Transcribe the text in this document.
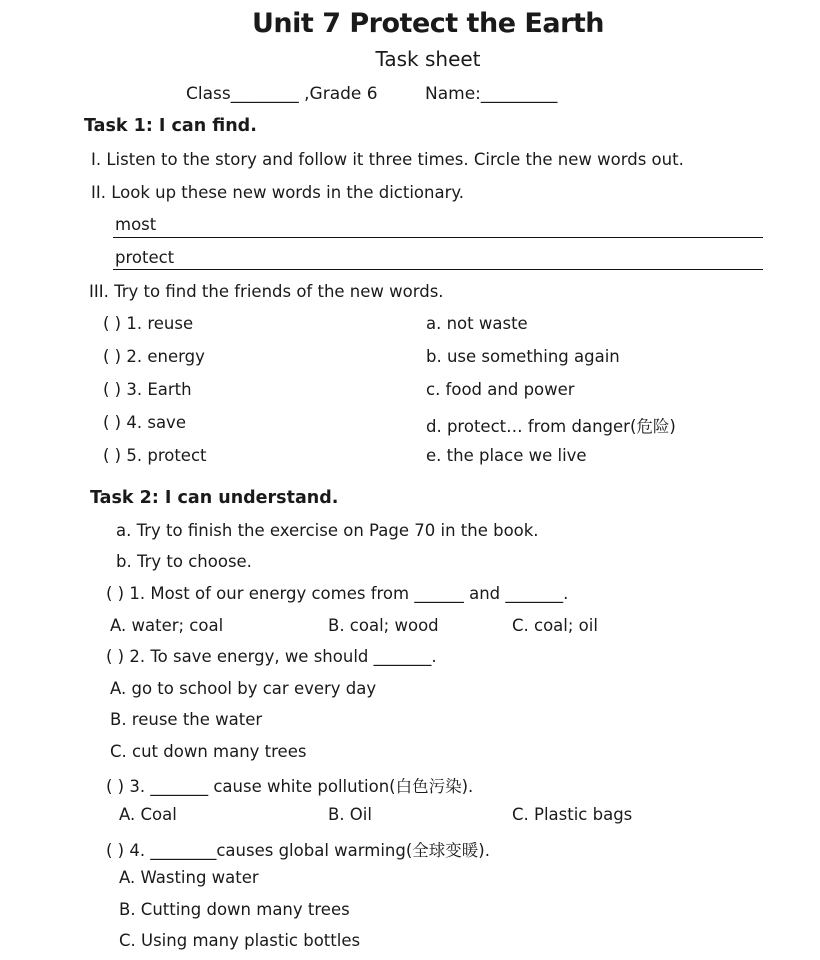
Unit 7 Protect the Earth
Task sheet
Class________ ,Grade 6	Name:_________
Task 1: I can find.
I. Listen to the story and follow it three times. Circle the new words out.
II. Look up these new words in the dictionary.
most
protect
III. Try to find the friends of the new words.
( ) 1. reuse	a. not waste
( ) 2. energy	b. use something again
( ) 3. Earth	c. food and power
( ) 4. save	d. protect… from danger(危险)
( ) 5. protect	e. the place we live
Task 2: I can understand.
a. Try to finish the exercise on Page 70 in the book.
b. Try to choose.
( ) 1. Most of our energy comes from ______ and _______.
A. water; coal	B. coal; wood	C. coal; oil
( ) 2. To save energy, we should _______.
A. go to school by car every day
B. reuse the water
C. cut down many trees
( ) 3. _______ cause white pollution(白色污染).
A. Coal	B. Oil	C. Plastic bags
( ) 4. ________causes global warming(全球变暖).
A. Wasting water
B. Cutting down many trees
C. Using many plastic bottles
